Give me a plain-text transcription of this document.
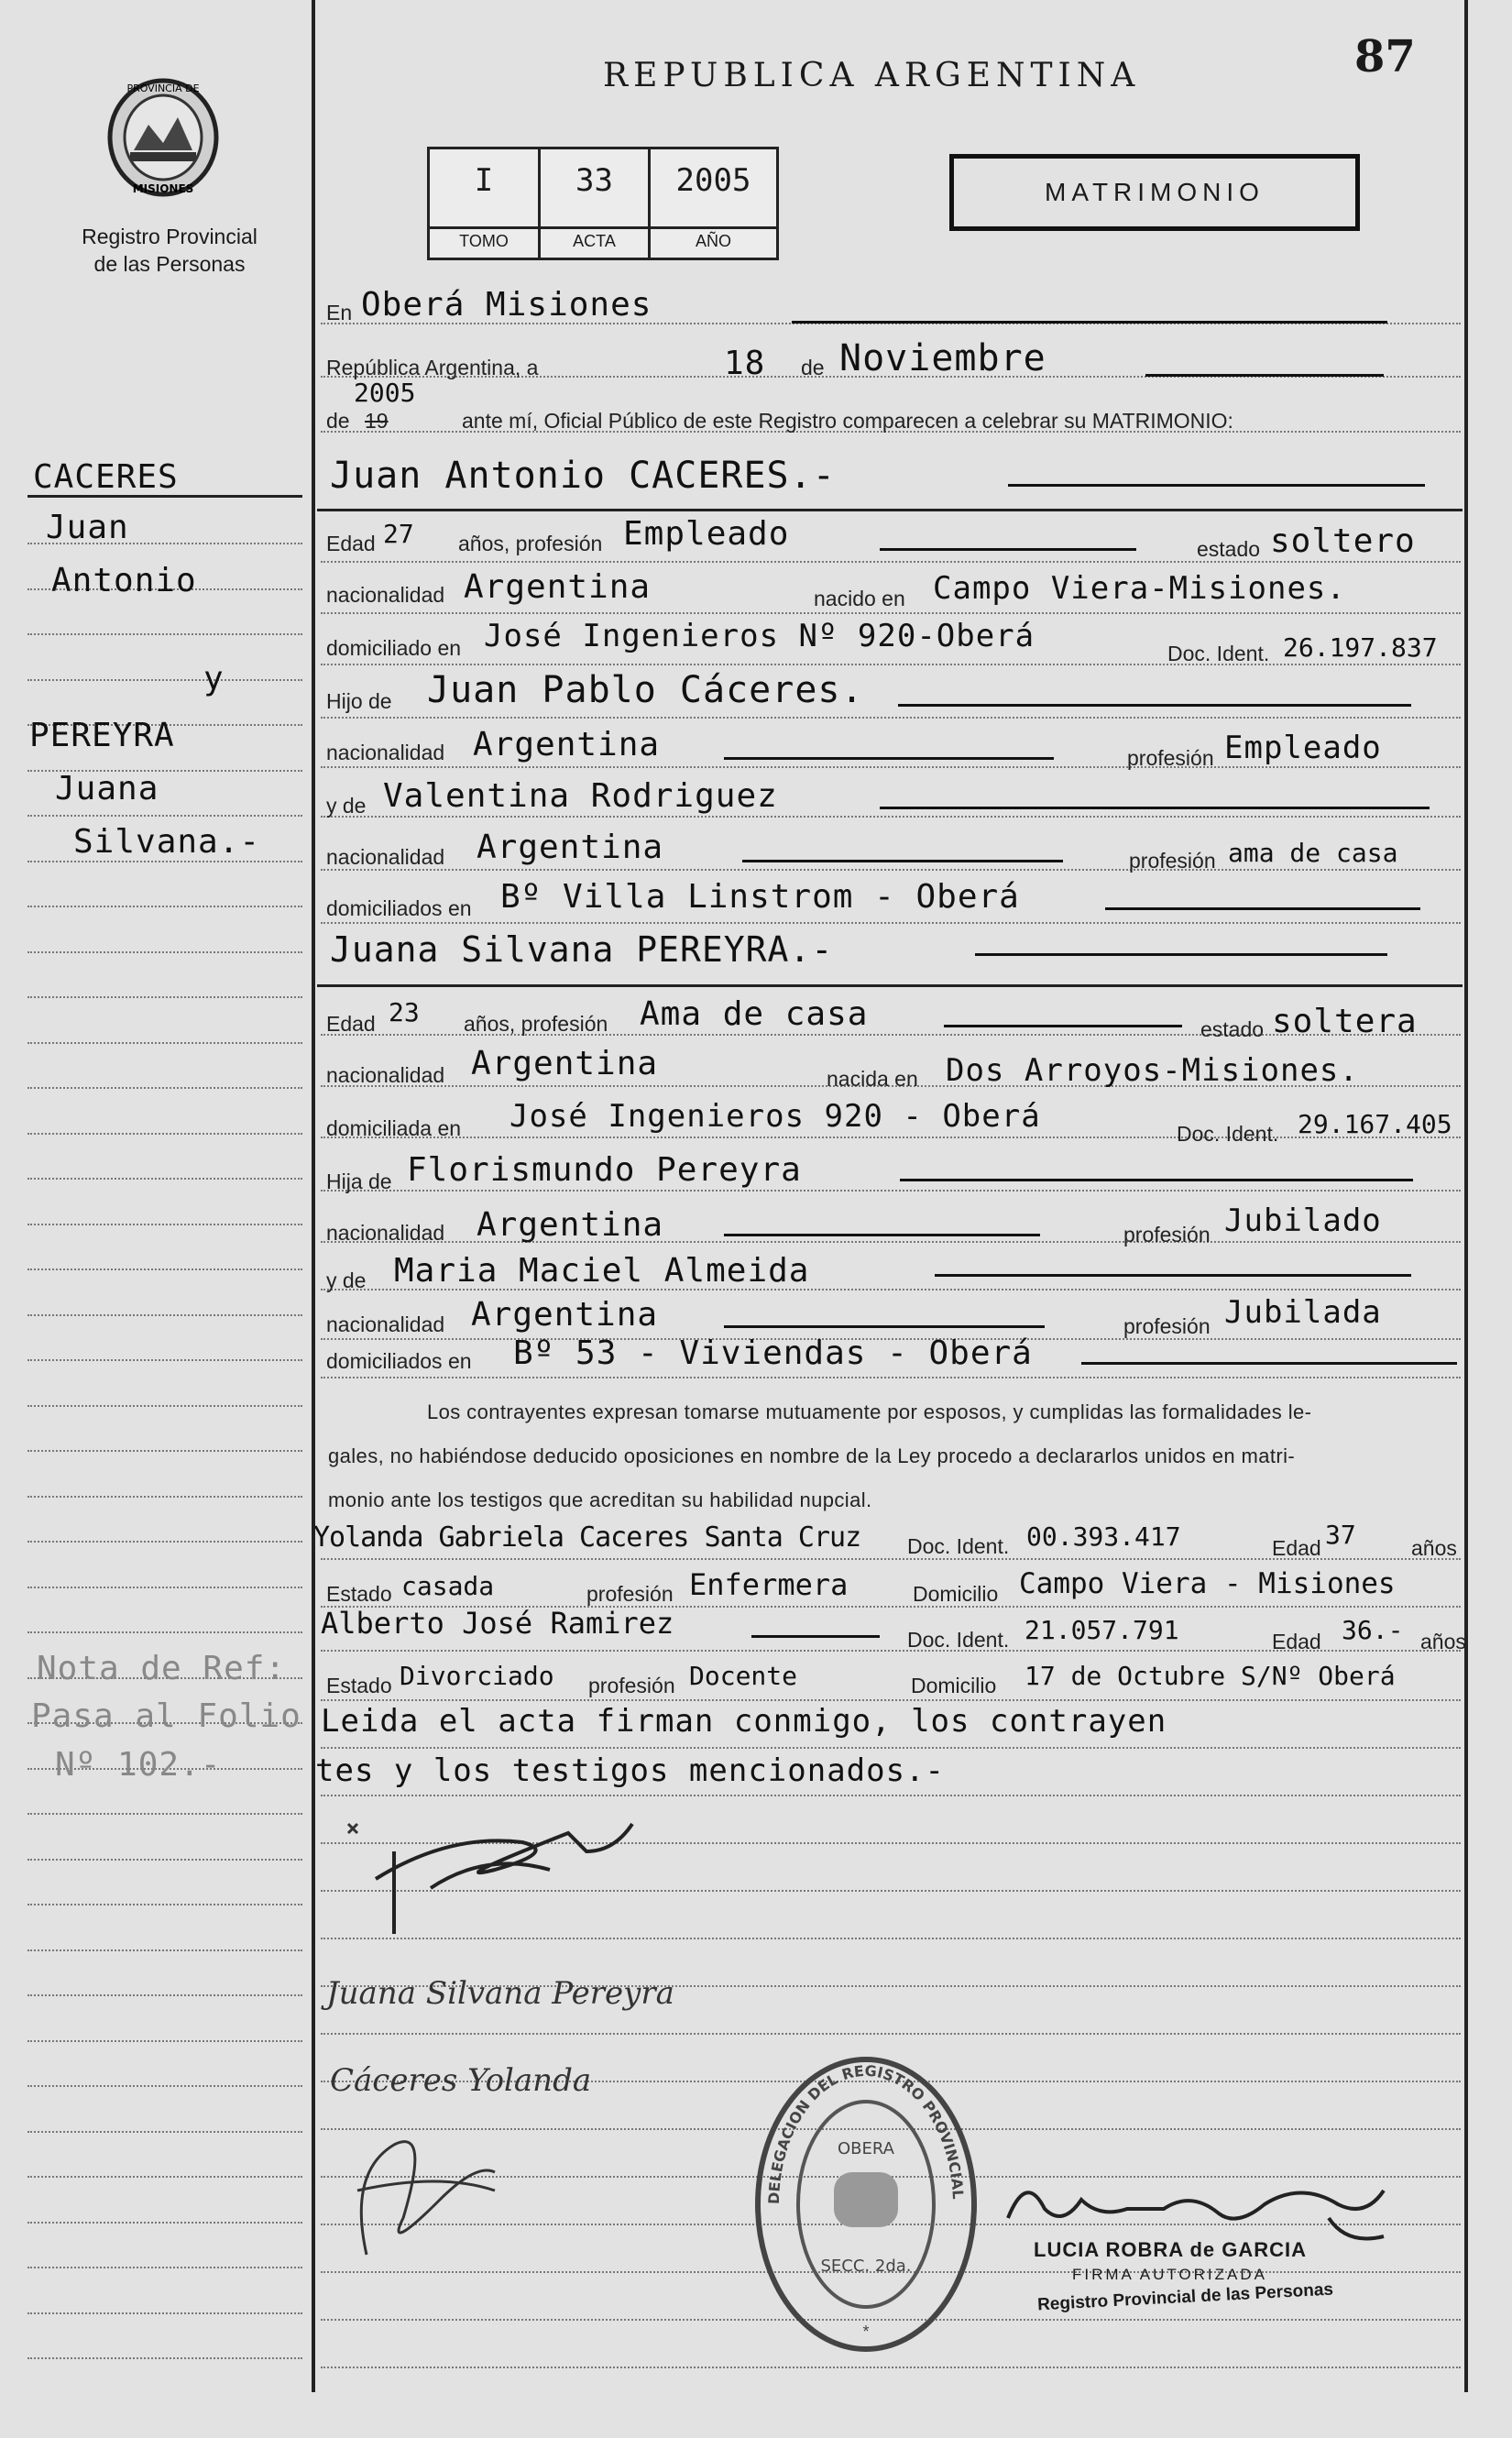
87
REPUBLICA ARGENTINA
PROVINCIA DE
MISIONES
Registro Provincial
de las Personas
I	33	2005
TOMO	ACTA	AÑO
MATRIMONIO
CACERES
Juan
Antonio
y
PEREYRA
Juana
Silvana.-
Nota de Ref:
Pasa al Folio
Nº 102.-
En Oberá Misiones
República Argentina, a	18 de Noviembre
2005
de 19	ante mí, Oficial Público de este Registro comparecen a celebrar su MATRIMONIO:
Juan Antonio CACERES.-
Edad 27 años, profesión Empleado	estado soltero
nacionalidad Argentina	nacido en Campo Viera-Misiones.
domiciliado en José Ingenieros Nº 920-Oberá	Doc. Ident. 26.197.837
Hijo de Juan Pablo Cáceres.
nacionalidad Argentina	profesión Empleado
y de Valentina Rodriguez
nacionalidad Argentina	profesión ama de casa
domiciliados en Bº Villa Linstrom - Oberá
Juana Silvana PEREYRA.-
Edad 23 años, profesión Ama de casa	estado soltera
nacionalidad Argentina	nacida en Dos Arroyos-Misiones.
domiciliada en José Ingenieros 920 - Oberá	Doc. Ident. 29.167.405
Hija de Florismundo Pereyra
nacionalidad Argentina	profesión Jubilado
y de Maria Maciel Almeida
nacionalidad Argentina	profesión Jubilada
domiciliados en Bº 53 - Viviendas - Oberá
Los contrayentes expresan tomarse mutuamente por esposos, y cumplidas las formalidades le-
gales, no habiéndose deducido oposiciones en nombre de la Ley procedo a declararlos unidos en matri-
monio ante los testigos que acreditan su habilidad nupcial.
Yolanda Gabriela Caceres Santa Cruz Doc. Ident. 00.393.417	Edad 37	años
Estado casada	profesión Enfermera	Domicilio Campo Viera - Misiones
Alberto José Ramirez	Doc. Ident. 21.057.791	Edad 36.- años
Estado Divorciado profesión Docente	Domicilio 17 de Octubre S/Nº Oberá
Leida el acta firman conmigo, los contrayen
tes y los testigos mencionados.-
Juana Silvana Pereyra
Cáceres Yolanda
DELEGACION DEL REGISTRO PROVINCIAL
OBERA
SECC. 2da.
*
LUCIA ROBRA de GARCIA
FIRMA AUTORIZADA
Registro Provincial de las Personas
